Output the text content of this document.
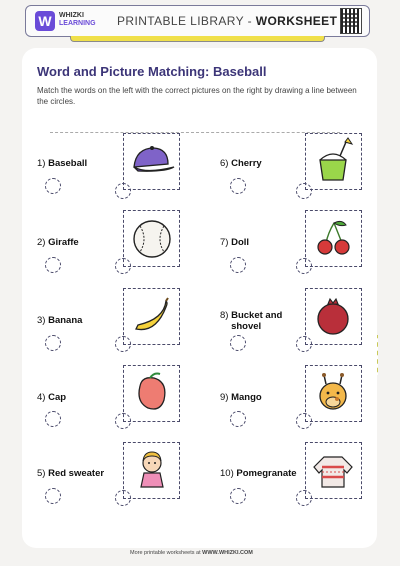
W	WHIZKI
LEARNING PRINTABLE LIBRARY - WORKSHEET
Word and Picture Matching: Baseball
Match the words on the left with the correct pictures on the right by drawing a line between the circles.
1) Baseball
2) Giraffe
3) Banana
4) Cap
5) Red sweater
6) Cherry
7) Doll
8) Bucket and shovel
9) Mango
10) Pomegranate
More printable worksheets at WWW.WHIZKI.COM
